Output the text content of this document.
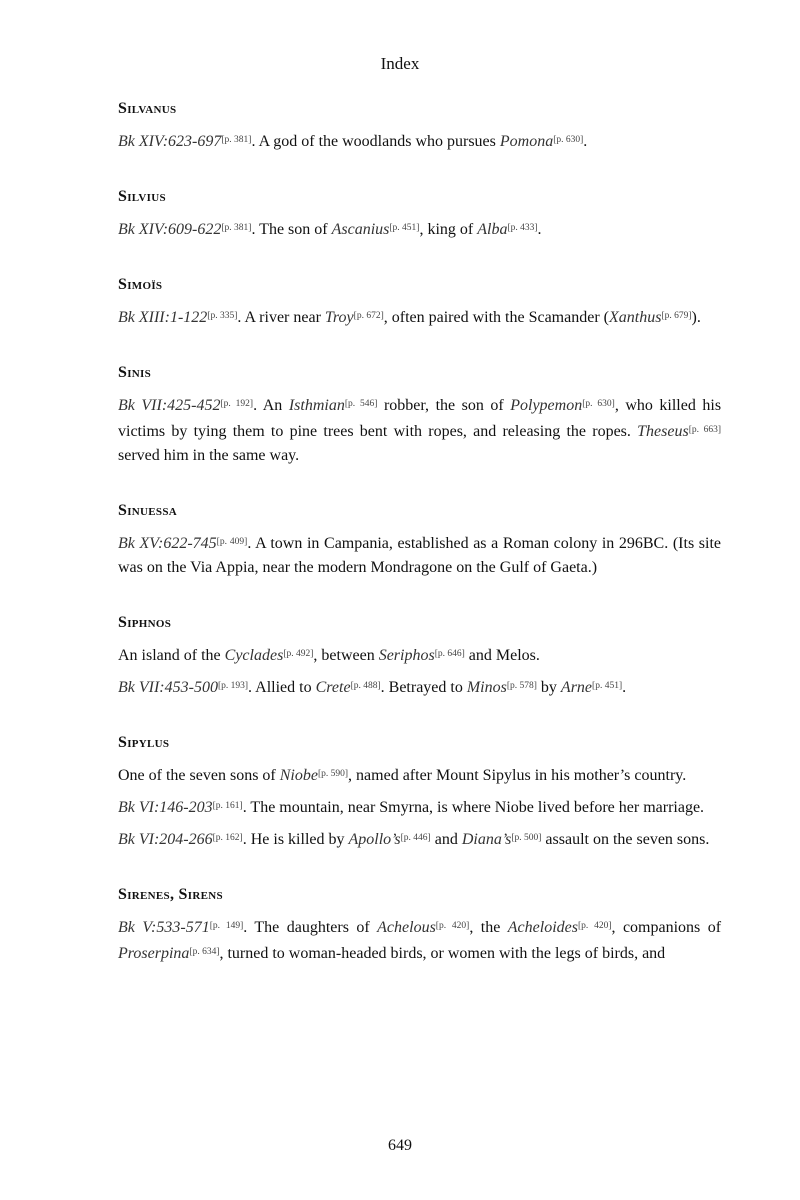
Index
Silvanus

Bk XIV:623-697[p. 381]. A god of the woodlands who pursues Pomona[p. 630].

Silvius

Bk XIV:609-622[p. 381]. The son of Ascanius[p. 451], king of Alba[p. 433].

Simoïs

Bk XIII:1-122[p. 335]. A river near Troy[p. 672], often paired with the Scamander (Xanthus[p. 679]).

Sinis

Bk VII:425-452[p. 192]. An Isthmian[p. 546] robber, the son of Polypemon[p. 630], who killed his victims by tying them to pine trees bent with ropes, and releasing the ropes. Theseus[p. 663] served him in the same way.

Sinuessa

Bk XV:622-745[p. 409]. A town in Campania, established as a Roman colony in 296BC. (Its site was on the Via Appia, near the modern Mondragone on the Gulf of Gaeta.)

Siphnos

An island of the Cyclades[p. 492], between Seriphos[p. 646] and Melos.

Bk VII:453-500[p. 193]. Allied to Crete[p. 488]. Betrayed to Minos[p. 578] by Arne[p. 451].

Sipylus

One of the seven sons of Niobe[p. 590], named after Mount Sipylus in his mother’s country.

Bk VI:146-203[p. 161]. The mountain, near Smyrna, is where Niobe lived before her marriage.

Bk VI:204-266[p. 162]. He is killed by Apollo’s[p. 446] and Diana’s[p. 500] assault on the seven sons.

Sirenes, Sirens

Bk V:533-571[p. 149]. The daughters of Achelous[p. 420], the Acheloides[p. 420], companions of Proserpina[p. 634], turned to woman-headed birds, or women with the legs of birds, and

649
